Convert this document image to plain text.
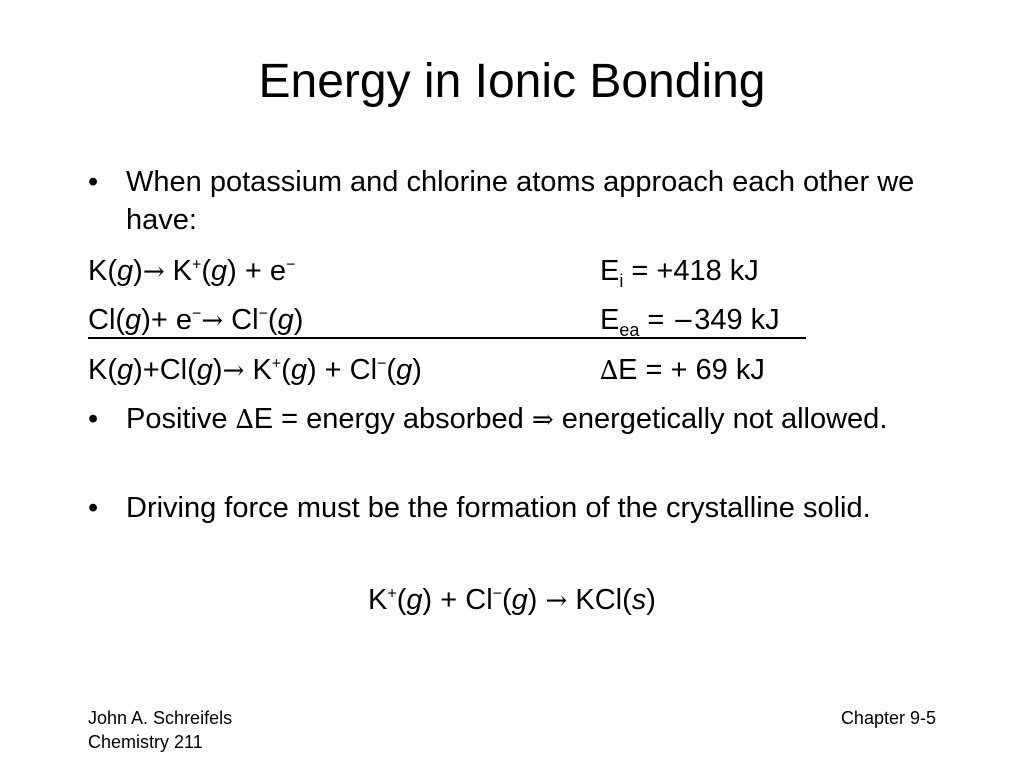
Energy in Ionic Bonding
• When potassium and chlorine atoms approach each other we have:
K(g)→ K+(g) + e−	$E_i = +418$ kJ
Cl(g)+ e−→ Cl−(g)	$E_{ea} = -349$ kJ
K(g)+Cl(g)→ K+(g) + Cl−(g)	∆E = + 69 kJ
• Positive ∆E = energy absorbed ⇒ energetically not allowed.
• Driving force must be the formation of the crystalline solid.
K+(g) + Cl−(g) → KCl(s)
John A. Schreifels
Chemistry 211
Chapter 9-5
